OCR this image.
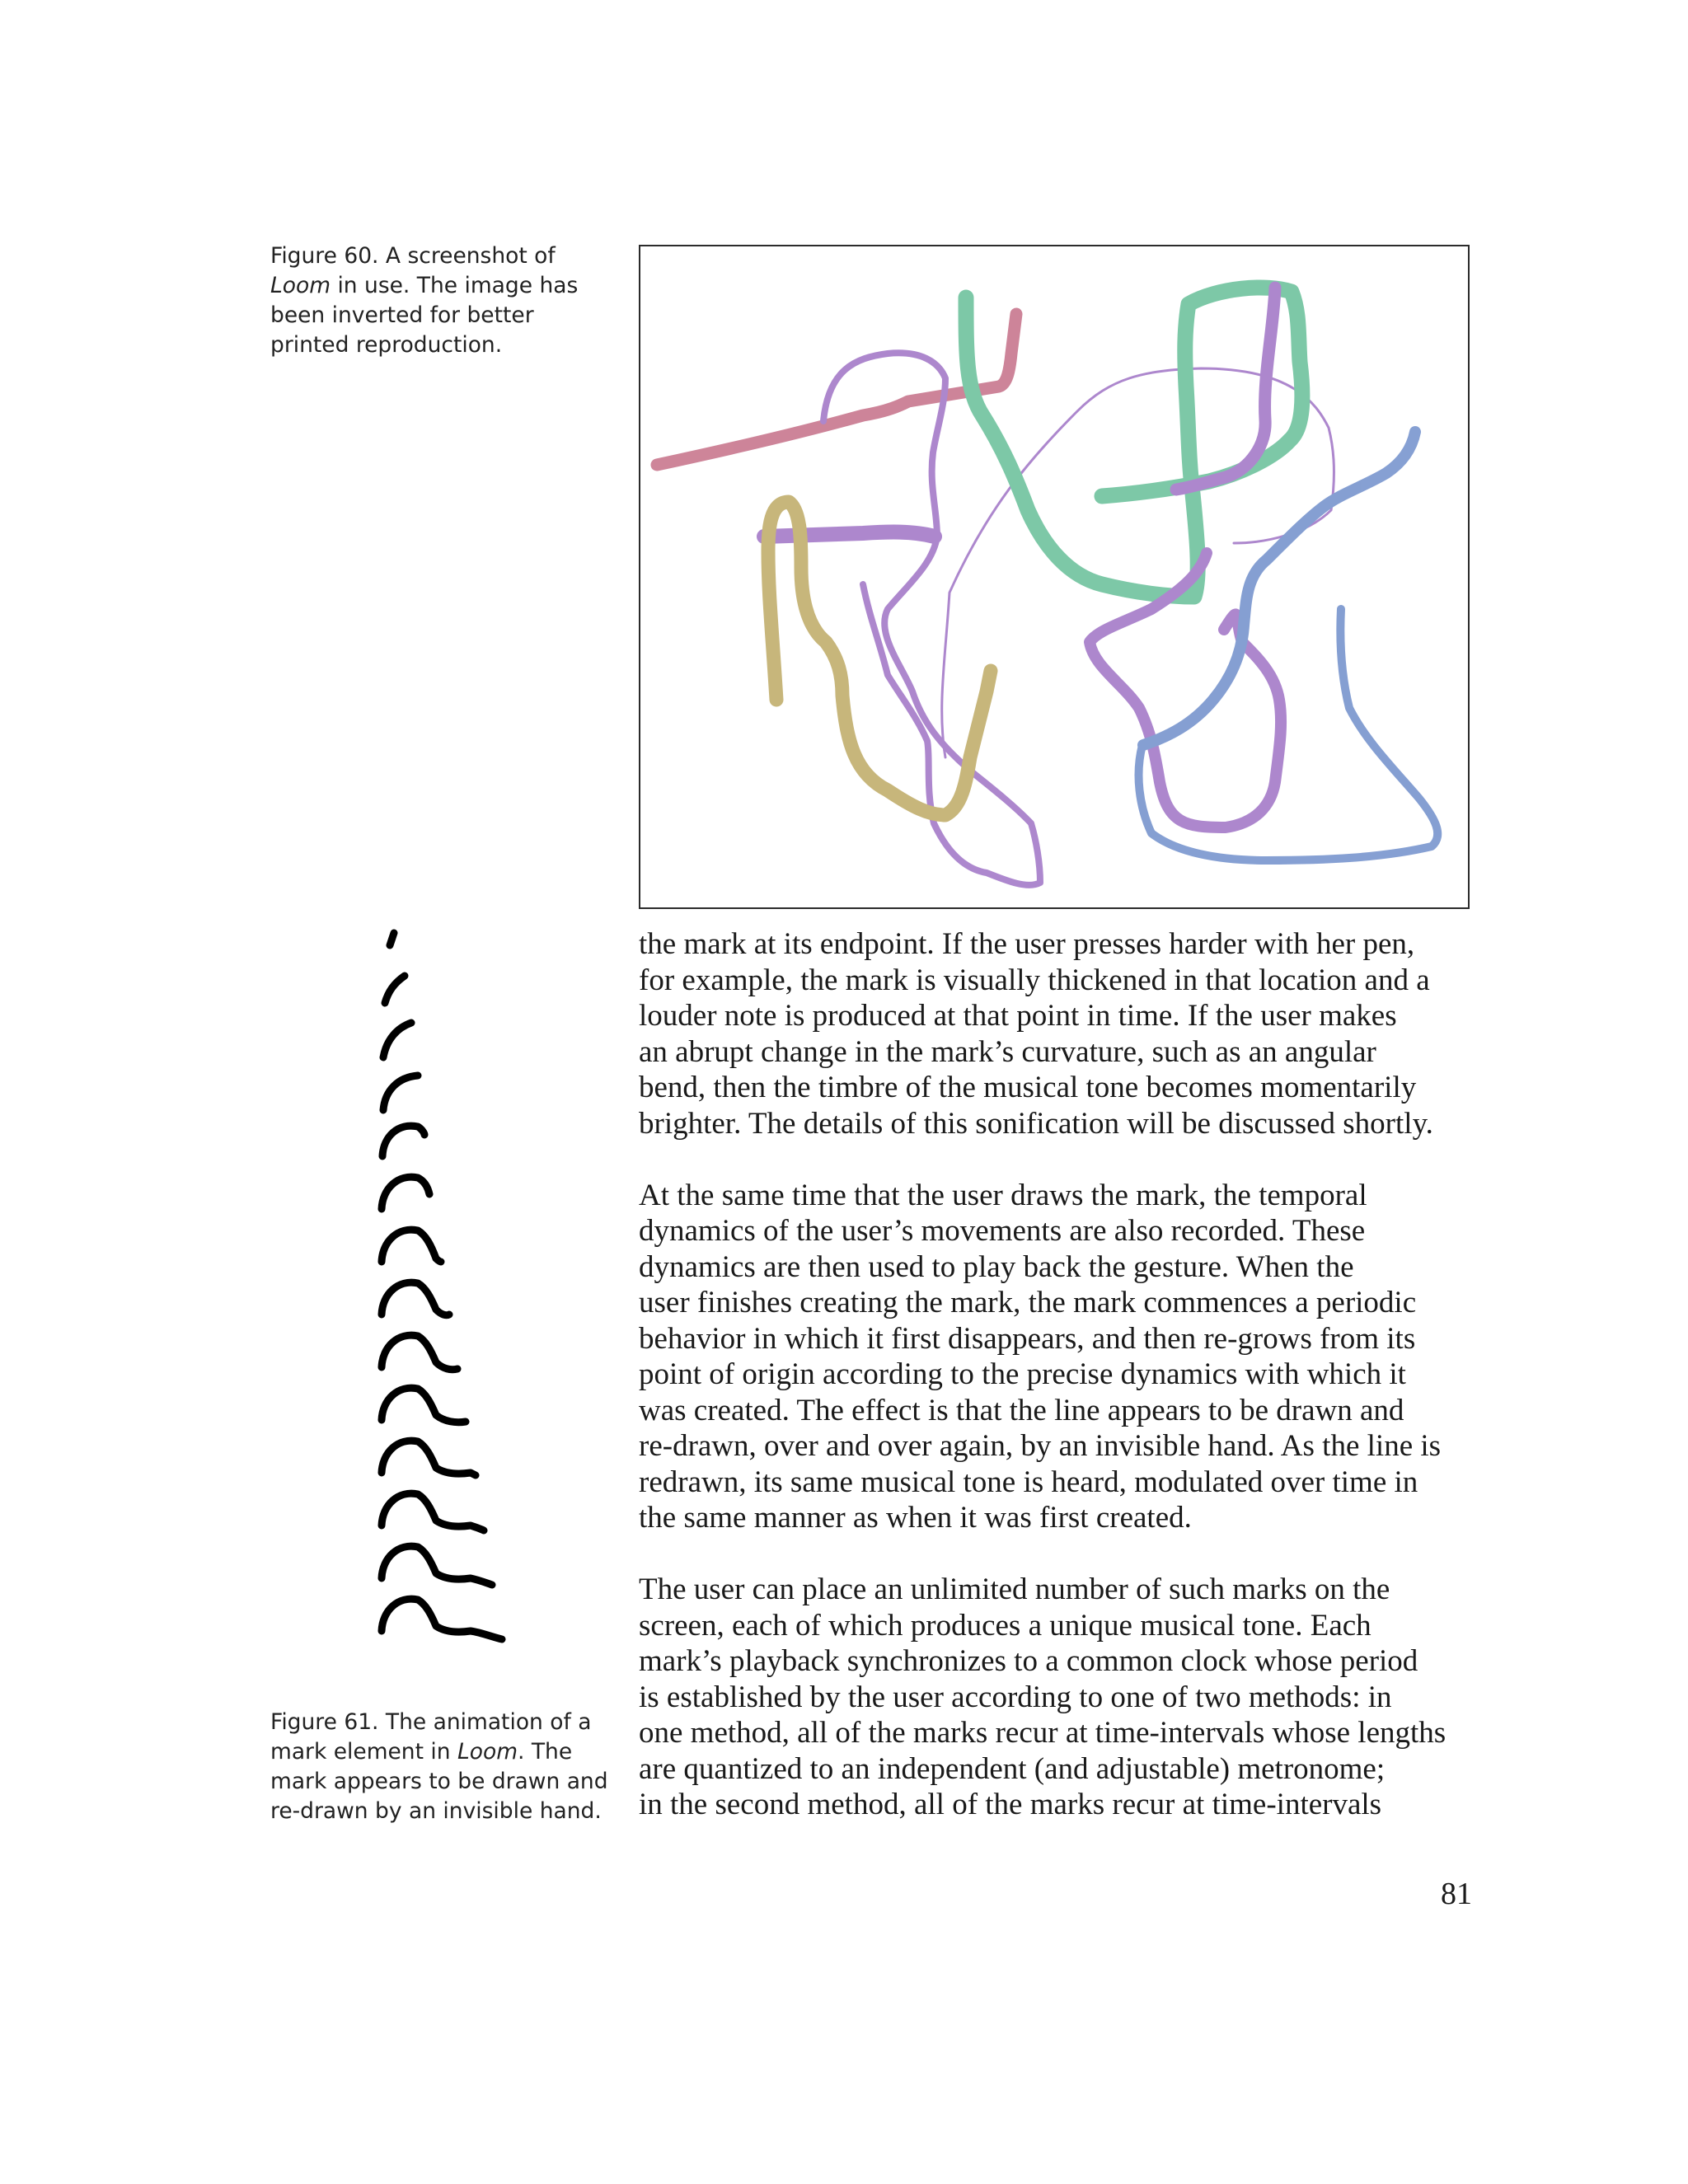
Figure 60. A screenshot of
Loom in use. The image has been inverted for better printed reproduction.

Figure 61. The animation of a mark element in Loom. The mark appears to be drawn and re-drawn by an invisible hand.

the mark at its endpoint. If the user presses harder with her pen,
for example, the mark is visually thickened in that location and a
louder note is produced at that point in time. If the user makes
an abrupt change in the mark’s curvature, such as an angular
bend, then the timbre of the musical tone becomes momentarily
brighter. The details of this sonification will be discussed shortly.

At the same time that the user draws the mark, the temporal
dynamics of the user’s movements are also recorded. These
dynamics are then used to play back the gesture. When the
user finishes creating the mark, the mark commences a periodic
behavior in which it first disappears, and then re-grows from its
point of origin according to the precise dynamics with which it
was created. The effect is that the line appears to be drawn and
re-drawn, over and over again, by an invisible hand. As the line is
redrawn, its same musical tone is heard, modulated over time in
the same manner as when it was first created.

The user can place an unlimited number of such marks on the
screen, each of which produces a unique musical tone. Each
mark’s playback synchronizes to a common clock whose period
is established by the user according to one of two methods: in
one method, all of the marks recur at time-intervals whose lengths
are quantized to an independent (and adjustable) metronome;
in the second method, all of the marks recur at time-intervals

81
